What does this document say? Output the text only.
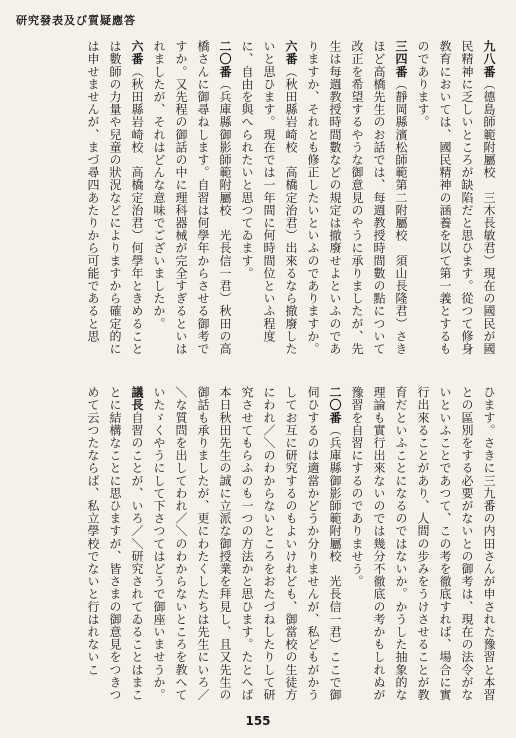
研究發表及び質疑應答

九八番（德島師範附屬校　三木長敏君）現在の國民が國民精神に乏しいところが缺陷だと思ひます。從つて修身教育においては、國民精神の涵養を以て第一義とするものであります。

三四番（靜岡縣濱松師範第二附屬校　須山長隆君）さきほど高橋先生のお話では、每週教授時間數の點について改正を希望するやうな御意見のやうに承りましたが、先生は每週教授時間數などの規定は撤廢せよといふのでありますか、それとも修正したいといふのでありますか。

六番（秋田縣岩崎校　高橋定治君）出來るなら撤廢したいと思ひます。現在では一年間に何時間位といふ程度に、自由を與へられたいと思つてゐます。

二〇番（兵庫縣御影師範附屬校　光長信一君）秋田の高橋さんに御尋ねします。自習は何學年からさせる御考ですか。又先程の御話の中に理科器械が完全すぎるといはれましたが、それはどんな意味でございましたか。

六番（秋田縣岩崎校　高橋定治君）何學年ときめることは數師の力量や兒童の狀況などによりますから確定的には申せませんが、まづ尋四あたりから可能であると思

ひます。さきに三九番の内田さんが申された豫習と本習との區別をする必要がないとの御考は、現在の法令がないといふことであつて、この考を徹底すれば、場合に實行出來ることがあり、人間の步みをうけさせることが教育だといふことになるのではないか。かうした抽象的な理論も實行出來ないのでは幾分不徹底の考かもしれぬが豫習を自習にするのでありませう。

二〇番（兵庫縣御影師範附屬校　光長信一君）ここで御伺ひするのは適當かどうか分りませんが、私どもがかうしてお互に研究するのもよいけれども、御當校の生徒方にわれ／＼のわからないところをおたづねしたりして研究させてもらふのも一つの方法かと思ひます。たとへば本日秋田先生の誠に立派な御授業を拜見し、且又先生の御話も承りましたが、更にわたくしたちは先生にいろ／＼な質問を出してわれ／＼のわからないところを教へていたゞくやうにして下さつてはどうで御座いませうか。

議長自習のことが、いろ／＼研究されてゐることはまことに結構なことに思ひますが、皆さまの御意見をつきつめて云つたならば、私立學校でないと行はれないこ

155
